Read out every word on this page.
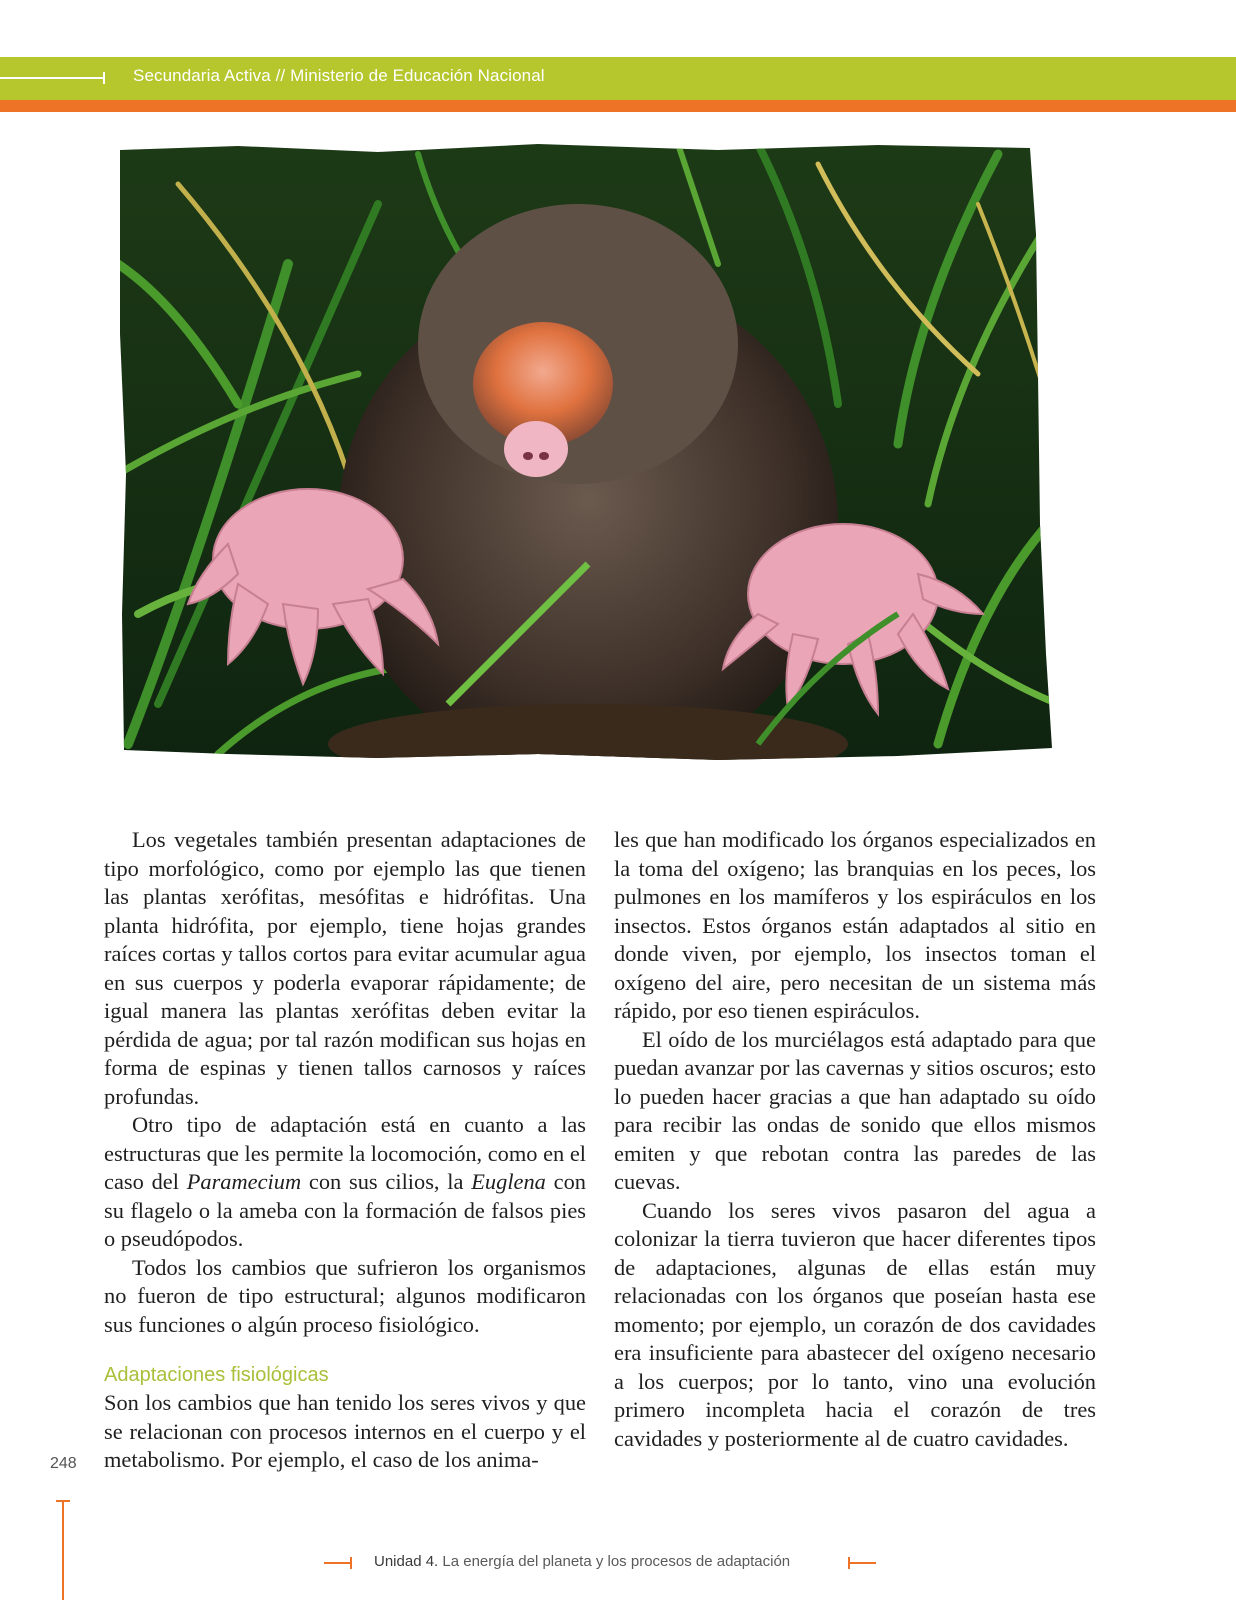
Secundaria Activa // Ministerio de Educación Nacional

Los vegetales también presentan adaptaciones de tipo morfológico, como por ejemplo las que tienen las plantas xerófitas, mesófitas e hidrófitas. Una planta hidrófita, por ejemplo, tiene hojas grandes raíces cortas y tallos cortos para evitar acumular agua en sus cuerpos y poderla evaporar rápidamente; de igual manera las plantas xerófitas deben evitar la pérdida de agua; por tal razón modifican sus hojas en forma de espinas y tienen tallos carnosos y raíces profundas.

Otro tipo de adaptación está en cuanto a las estructuras que les permite la locomoción, como en el caso del Paramecium con sus cilios, la Euglena con su flagelo o la ameba con la formación de falsos pies o pseudópodos.

Todos los cambios que sufrieron los organismos no fueron de tipo estructural; algunos modificaron sus funciones o algún proceso fisiológico.

Adaptaciones fisiológicas

Son los cambios que han tenido los seres vivos y que se relacionan con procesos internos en el cuerpo y el metabolismo. Por ejemplo, el caso de los anima-

les que han modificado los órganos especializados en la toma del oxígeno; las branquias en los peces, los pulmones en los mamíferos y los espiráculos en los insectos. Estos órganos están adaptados al sitio en donde viven, por ejemplo, los insectos toman el oxígeno del aire, pero necesitan de un sistema más rápido, por eso tienen espiráculos.

El oído de los murciélagos está adaptado para que puedan avanzar por las cavernas y sitios oscuros; esto lo pueden hacer gracias a que han adaptado su oído para recibir las ondas de sonido que ellos mismos emiten y que rebotan contra las paredes de las cuevas.

Cuando los seres vivos pasaron del agua a colonizar la tierra tuvieron que hacer diferentes tipos de adaptaciones, algunas de ellas están muy relacionadas con los órganos que poseían hasta ese momento; por ejemplo, un corazón de dos cavidades era insuficiente para abastecer del oxígeno necesario a los cuerpos; por lo tanto, vino una evolución primero incompleta hacia el corazón de tres cavidades y posteriormente al de cuatro cavidades.

248
Unidad 4. La energía del planeta y los procesos de adaptación
